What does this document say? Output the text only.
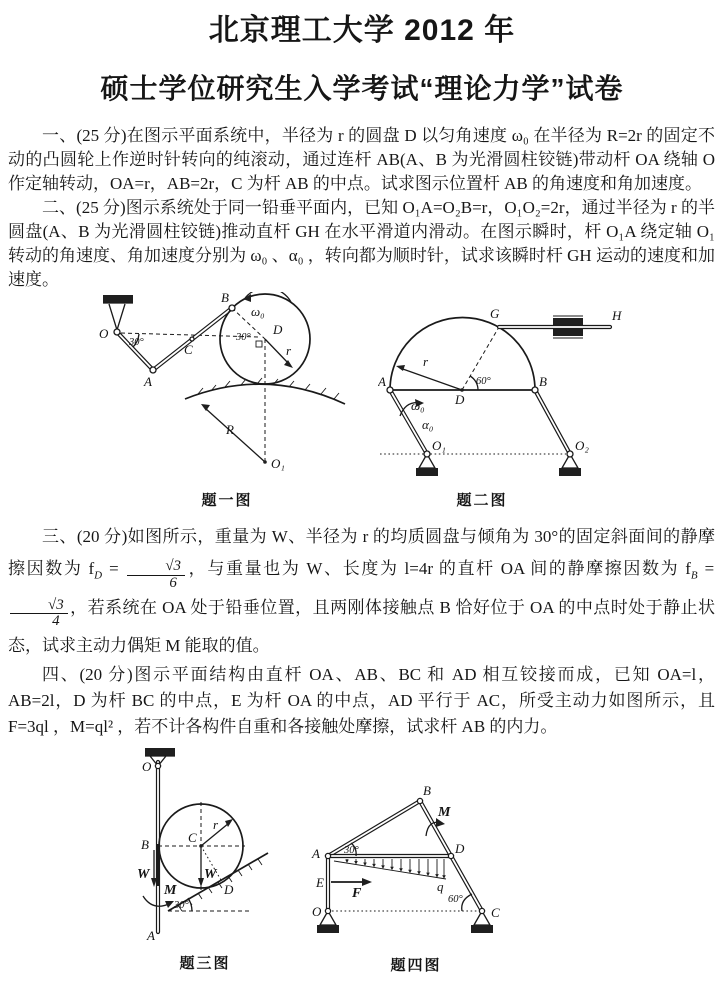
北京理工大学 2012 年
硕士学位研究生入学考试“理论力学”试卷

一、(25 分)在图示平面系统中，半径为 r 的圆盘 D 以匀角速度 ω₀ 在半径为 R=2r 的固定不动的凸圆轮上作逆时针转向的纯滚动，通过连杆 AB(A、B 为光滑圆柱铰链)带动杆 OA 绕轴 O 作定轴转动，OA=r，AB=2r，C 为杆 AB 的中点。试求图示位置杆 AB 的角速度和角加速度。

二、(25 分)图示系统处于同一铅垂平面内，已知 O₁A=O₂B=r，O₁O₂=2r，通过半径为 r 的半圆盘(A、B 为光滑圆柱铰链)推动直杆 GH 在水平滑道内滑动。在图示瞬时，杆 O₁A 绕定轴 O₁ 转动的角速度、角加速度分别为 ω₀ 、α₀ ，转向都为顺时针，试求该瞬时杆 GH 运动的速度和加速度。

O
30°
A
C
B
D
ω₀
30°
r
R
O₁
题一图
A	B
D
G	H
60°
r
ω₀
α₀
O₁	O₂
题二图

三、(20 分)如图所示，重量为 W、半径为 r 的均质圆盘与倾角为 30°的固定斜面间的静摩擦因数为 $f_D = \frac{√3}{6}$ ，与重量也为 W、长度为 l=4r 的直杆 OA 间的静摩擦因数为 $f_B$ =
$\frac{√3}{4}$ ，若系统在 OA 处于铅垂位置，且两刚体接触点 B 恰好位于 OA 的中点时处于静止状态，试求主动力偶矩 M 能取的值。

四、(20 分)图示平面结构由直杆 OA、AB、BC 和 AD 相互铰接而成，已知 OA=l，AB=2l，D 为杆 BC 的中点，E 为杆 OA 的中点，AD 平行于 AC，所受主动力如图所示，且 F=3ql ，M=ql² ，若不计各构件自重和各接触处摩擦，试求杆 AB 的内力。

O
B	C
r
W
W
M	D
30°
A
题三图
O
A
E
B
D
C
F
M
q
30°
60°
题四图
